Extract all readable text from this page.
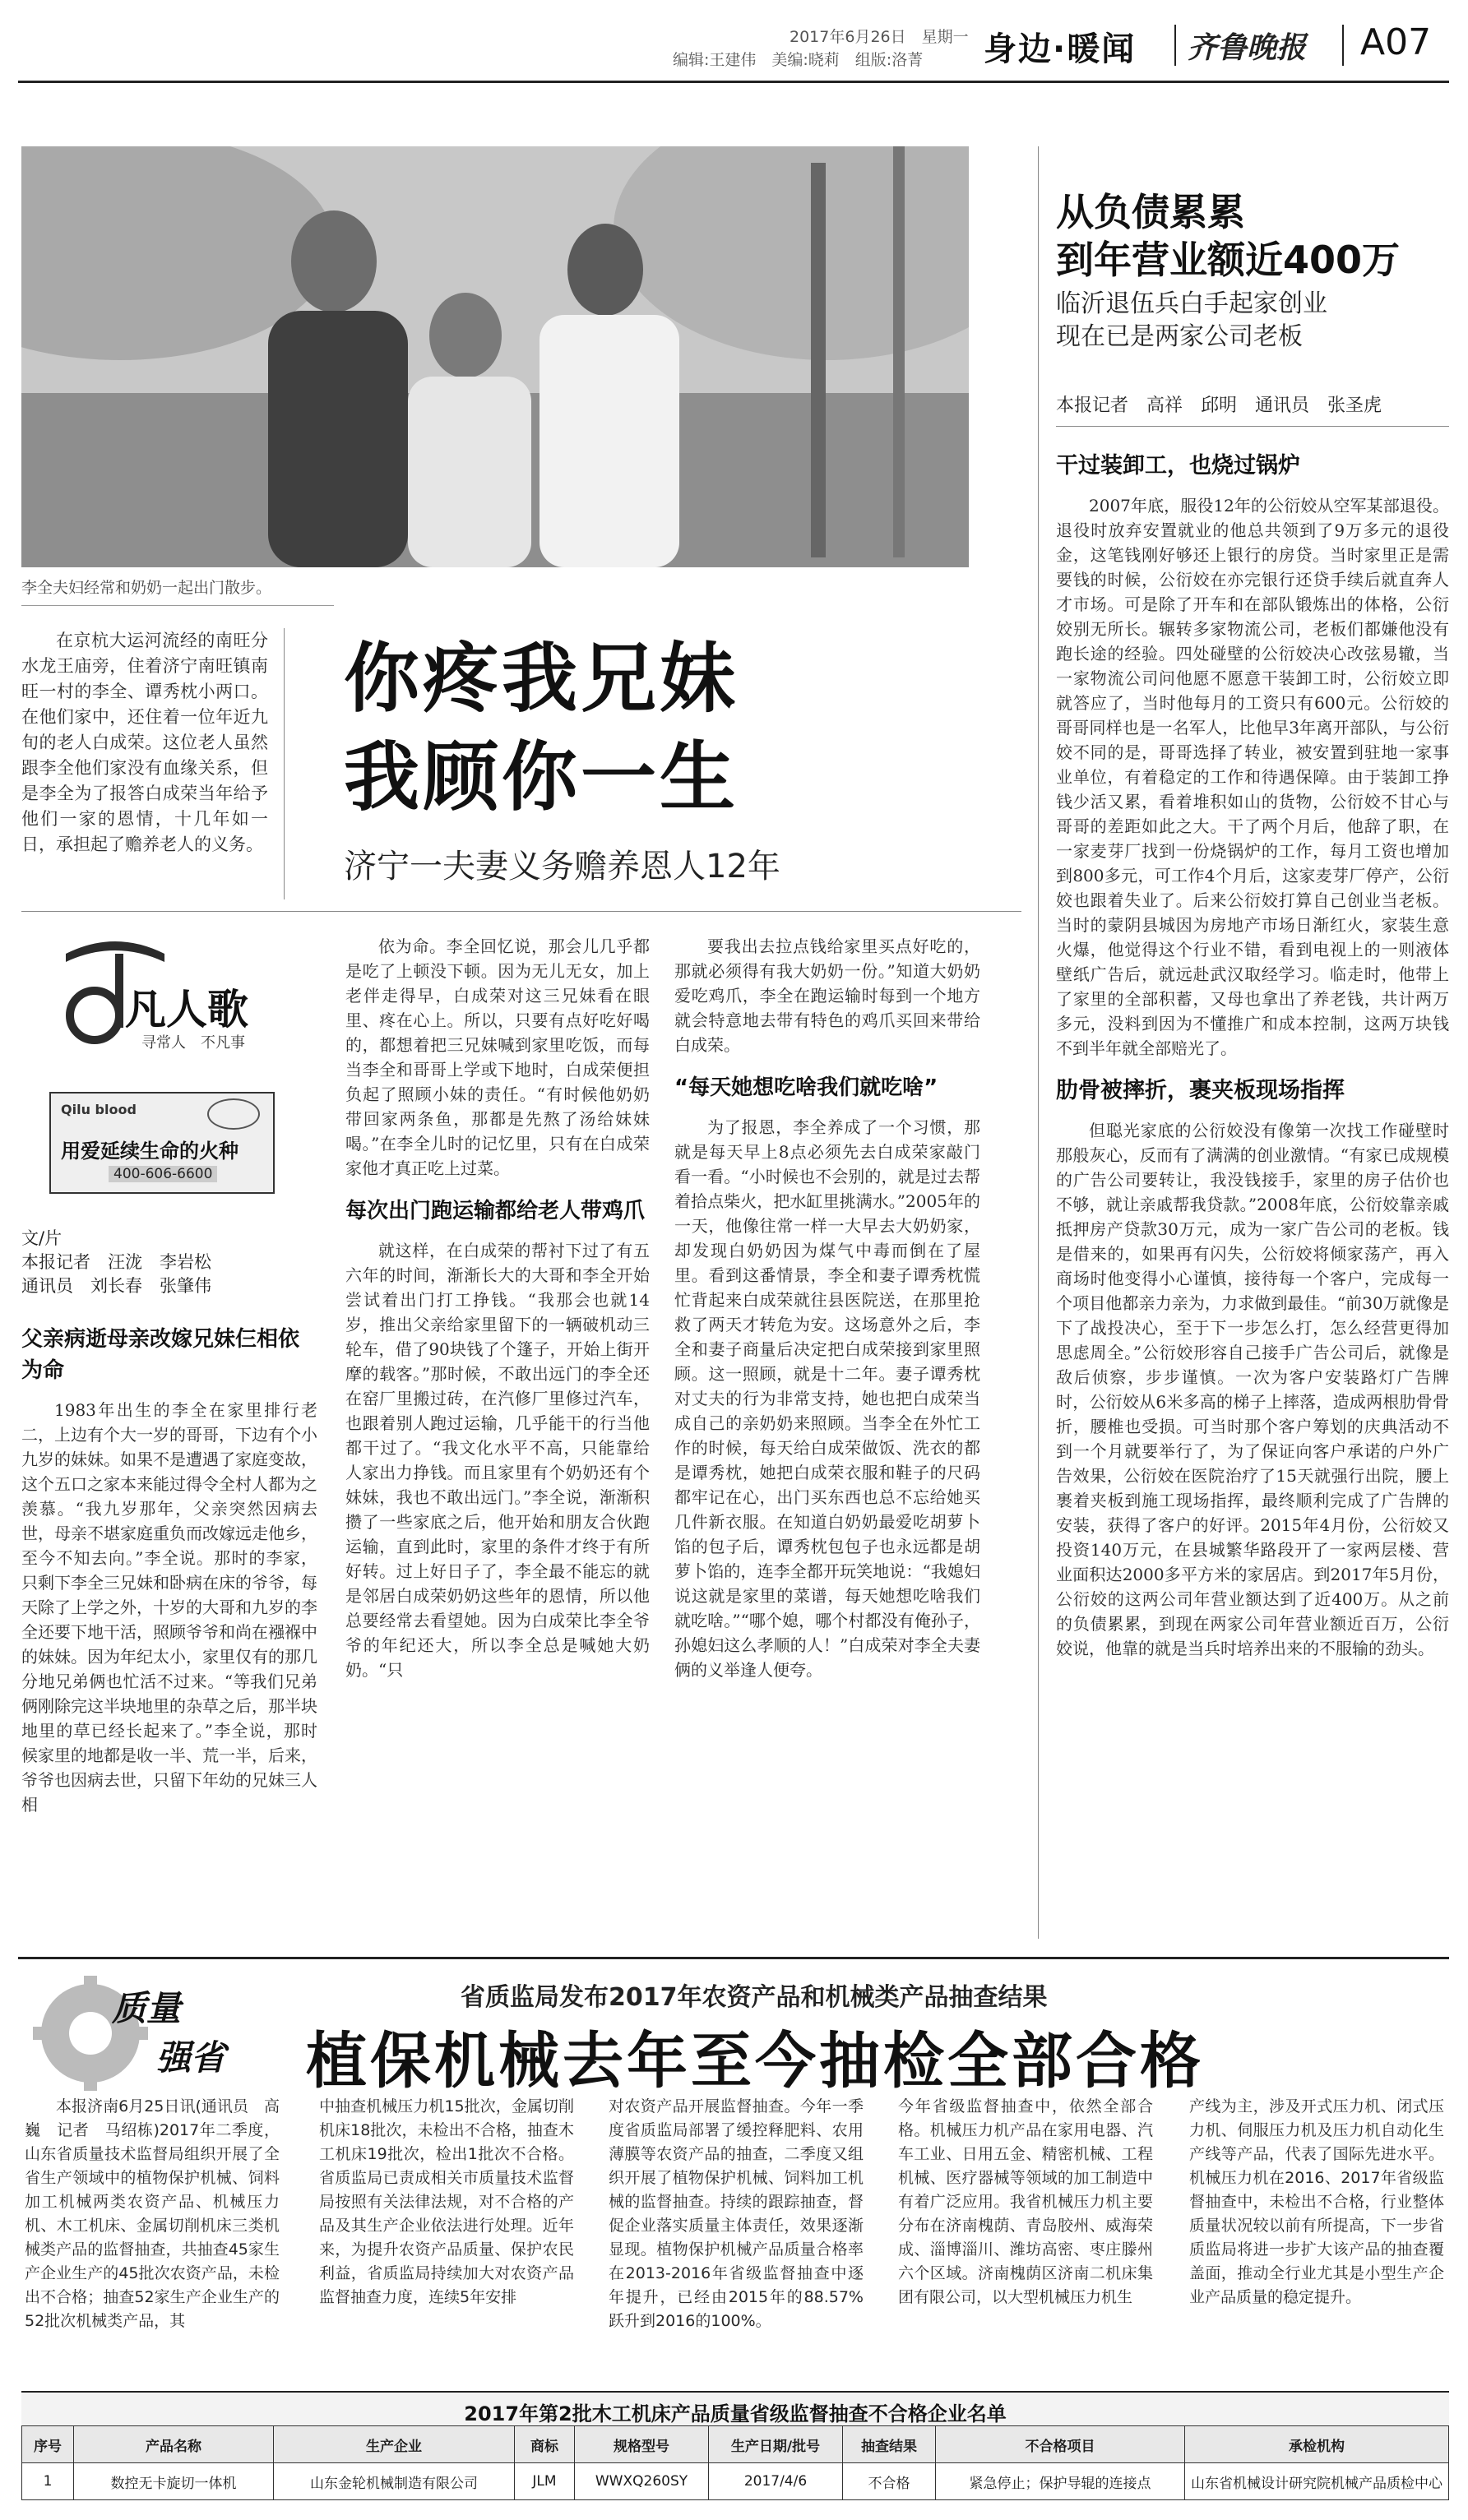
2017年6月26日　星期一
编辑:王建伟　美编:晓莉　组版:洛菁 身边·暖闻 齐鲁晚报 A07
李全夫妇经常和奶奶一起出门散步。
从负债累累
到年营业额近400万
临沂退伍兵白手起家创业
现在已是两家公司老板
本报记者　高祥　邱明　通讯员　张圣虎
干过装卸工，也烧过锅炉

2007年底，服役12年的公衍姣从空军某部退役。退役时放弃安置就业的他总共领到了9万多元的退役金，这笔钱刚好够还上银行的房贷。当时家里正是需要钱的时候，公衍姣在亦完银行还贷手续后就直奔人才市场。可是除了开车和在部队锻炼出的体格，公衍姣别无所长。辗转多家物流公司，老板们都嫌他没有跑长途的经验。四处碰壁的公衍姣决心改弦易辙，当一家物流公司问他愿不愿意干装卸工时，公衍姣立即就答应了，当时他每月的工资只有600元。公衍姣的哥哥同样也是一名军人，比他早3年离开部队，与公衍姣不同的是，哥哥选择了转业，被安置到驻地一家事业单位，有着稳定的工作和待遇保障。由于装卸工挣钱少活又累，看着堆积如山的货物，公衍姣不甘心与哥哥的差距如此之大。干了两个月后，他辞了职，在一家麦芽厂找到一份烧锅炉的工作，每月工资也增加到800多元，可工作4个月后，这家麦芽厂停产，公衍姣也跟着失业了。后来公衍姣打算自己创业当老板。当时的蒙阴县城因为房地产市场日渐红火，家装生意火爆，他觉得这个行业不错，看到电视上的一则液体壁纸广告后，就远赴武汉取经学习。临走时，他带上了家里的全部积蓄，又母也拿出了养老钱，共计两万多元，没料到因为不懂推广和成本控制，这两万块钱不到半年就全部赔光了。

肋骨被摔折，裹夹板现场指挥

但聪光家底的公衍姣没有像第一次找工作碰壁时那般灰心，反而有了满满的创业激情。“有家已成规模的广告公司要转让，我没钱接手，家里的房子估价也不够，就让亲戚帮我贷款。”2008年底，公衍姣靠亲戚抵押房产贷款30万元，成为一家广告公司的老板。钱是借来的，如果再有闪失，公衍姣将倾家荡产，再入商场时他变得小心谨慎，接待每一个客户，完成每一个项目他都亲力亲为，力求做到最佳。“前30万就像是下了战投决心，至于下一步怎么打，怎么经营更得加思虑周全。”公衍姣形容自己接手广告公司后，就像是敌后侦察，步步谨慎。一次为客户安装路灯广告牌时，公衍姣从6米多高的梯子上摔落，造成两根肋骨骨折，腰椎也受损。可当时那个客户筹划的庆典活动不到一个月就要举行了，为了保证向客户承诺的户外广告效果，公衍姣在医院治疗了15天就强行出院，腰上裹着夹板到施工现场指挥，最终顺利完成了广告牌的安装，获得了客户的好评。2015年4月份，公衍姣又投资140万元，在县城繁华路段开了一家两层楼、营业面积达2000多平方米的家居店。到2017年5月份，公衍姣的这两公司年营业额达到了近400万。从之前的负债累累，到现在两家公司年营业额近百万，公衍姣说，他靠的就是当兵时培养出来的不服输的劲头。

在京杭大运河流经的南旺分水龙王庙旁，住着济宁南旺镇南旺一村的李全、谭秀枕小两口。在他们家中，还住着一位年近九旬的老人白成荣。这位老人虽然跟李全他们家没有血缘关系，但是李全为了报答白成荣当年给予他们一家的恩情，十几年如一日，承担起了赡养老人的义务。

你疼我兄妹
我顾你一生
济宁一夫妻义务赡养恩人12年
凡人歌
寻常人　不凡事
Qilu blood
用爱延续生命的火种
400-606-6600
文/片
本报记者　汪泷　李岩松
通讯员　刘长春　张肇伟
父亲病逝母亲改嫁兄妹仨相依为命

1983年出生的李全在家里排行老二，上边有个大一岁的哥哥，下边有个小九岁的妹妹。如果不是遭遇了家庭变故，这个五口之家本来能过得令全村人都为之羡慕。“我九岁那年，父亲突然因病去世，母亲不堪家庭重负而改嫁远走他乡，至今不知去向。”李全说。那时的李家，只剩下李全三兄妹和卧病在床的爷爷，每天除了上学之外，十岁的大哥和九岁的李全还要下地干活，照顾爷爷和尚在襁褓中的妹妹。因为年纪太小，家里仅有的那几分地兄弟俩也忙活不过来。“等我们兄弟俩刚除完这半块地里的杂草之后，那半块地里的草已经长起来了。”李全说，那时候家里的地都是收一半、荒一半，后来，爷爷也因病去世，只留下年幼的兄妹三人相

依为命。李全回忆说，那会儿几乎都是吃了上顿没下顿。因为无儿无女，加上老伴走得早，白成荣对这三兄妹看在眼里、疼在心上。所以，只要有点好吃好喝的，都想着把三兄妹喊到家里吃饭，而每当李全和哥哥上学或下地时，白成荣便担负起了照顾小妹的责任。“有时候他奶奶带回家两条鱼，那都是先熬了汤给妹妹喝。”在李全儿时的记忆里，只有在白成荣家他才真正吃上过菜。

每次出门跑运输都给老人带鸡爪

就这样，在白成荣的帮衬下过了有五六年的时间，渐渐长大的大哥和李全开始尝试着出门打工挣钱。“我那会也就14岁，推出父亲给家里留下的一辆破机动三轮车，借了90块钱了个篷子，开始上街开摩的载客。”那时候，不敢出远门的李全还在窑厂里搬过砖，在汽修厂里修过汽车，也跟着别人跑过运输，几乎能干的行当他都干过了。“我文化水平不高，只能靠给人家出力挣钱。而且家里有个奶奶还有个妹妹，我也不敢出远门。”李全说，渐渐积攒了一些家底之后，他开始和朋友合伙跑运输，直到此时，家里的条件才终于有所好转。过上好日子了，李全最不能忘的就是邻居白成荣奶奶这些年的恩情，所以他总要经常去看望她。因为白成荣比李全爷爷的年纪还大，所以李全总是喊她大奶奶。“只

要我出去拉点钱给家里买点好吃的，那就必须得有我大奶奶一份。”知道大奶奶爱吃鸡爪，李全在跑运输时每到一个地方就会特意地去带有特色的鸡爪买回来带给白成荣。

“每天她想吃啥我们就吃啥”

为了报恩，李全养成了一个习惯，那就是每天早上8点必须先去白成荣家敲门看一看。“小时候也不会别的，就是过去帮着拾点柴火，把水缸里挑满水。”2005年的一天，他像往常一样一大早去大奶奶家，却发现白奶奶因为煤气中毒而倒在了屋里。看到这番情景，李全和妻子谭秀枕慌忙背起来白成荣就往县医院送，在那里抢救了两天才转危为安。这场意外之后，李全和妻子商量后决定把白成荣接到家里照顾。这一照顾，就是十二年。妻子谭秀枕对丈夫的行为非常支持，她也把白成荣当成自己的亲奶奶来照顾。当李全在外忙工作的时候，每天给白成荣做饭、洗衣的都是谭秀枕，她把白成荣衣服和鞋子的尺码都牢记在心，出门买东西也总不忘给她买几件新衣服。在知道白奶奶最爱吃胡萝卜馅的包子后，谭秀枕包包子也永远都是胡萝卜馅的，连李全都开玩笑地说：“我媳妇说这就是家里的菜谱，每天她想吃啥我们就吃啥。”“哪个媳，哪个村都没有俺孙子，孙媳妇这么孝顺的人！”白成荣对李全夫妻俩的义举逢人便夸。

质量
强省
省质监局发布2017年农资产品和机械类产品抽查结果
植保机械去年至今抽检全部合格

本报济南6月25日讯(通讯员　高巍　记者　马绍栋)2017年二季度，山东省质量技术监督局组织开展了全省生产领域中的植物保护机械、饲料加工机械两类农资产品、机械压力机、木工机床、金属切削机床三类机械类产品的监督抽查，共抽查45家生产企业生产的45批次农资产品，未检出不合格；抽查52家生产企业生产的52批次机械类产品，其

中抽查机械压力机15批次，金属切削机床18批次，未检出不合格，抽查木工机床19批次，检出1批次不合格。省质监局已责成相关市质量技术监督局按照有关法律法规，对不合格的产品及其生产企业依法进行处理。近年来，为提升农资产品质量、保护农民利益，省质监局持续加大对农资产品监督抽查力度，连续5年安排

对农资产品开展监督抽查。今年一季度省质监局部署了缓控释肥料、农用薄膜等农资产品的抽查，二季度又组织开展了植物保护机械、饲料加工机械的监督抽查。持续的跟踪抽查，督促企业落实质量主体责任，效果逐渐显现。植物保护机械产品质量合格率在2013-2016年省级监督抽查中逐年提升，已经由2015年的88.57%跃升到2016的100%。

今年省级监督抽查中，依然全部合格。机械压力机产品在家用电器、汽车工业、日用五金、精密机械、工程机械、医疗器械等领域的加工制造中有着广泛应用。我省机械压力机主要分布在济南槐荫、青岛胶州、威海荣成、淄博淄川、潍坊高密、枣庄滕州六个区域。济南槐荫区济南二机床集团有限公司，以大型机械压力机生

产线为主，涉及开式压力机、闭式压力机、伺服压力机及压力机自动化生产线等产品，代表了国际先进水平。机械压力机在2016、2017年省级监督抽查中，未检出不合格，行业整体质量状况较以前有所提高，下一步省质监局将进一步扩大该产品的抽查覆盖面，推动全行业尤其是小型生产企业产品质量的稳定提升。

2017年第2批木工机床产品质量省级监督抽查不合格企业名单
序号	产品名称	生产企业	商标	规格型号	生产日期/批号	抽查结果	不合格项目	承检机构
1	数控无卡旋切一体机	山东金轮机械制造有限公司	JLM	WWXQ260SY	2017/4/6	不合格	紧急停止；保护导辊的连接点	山东省机械设计研究院机械产品质检中心
